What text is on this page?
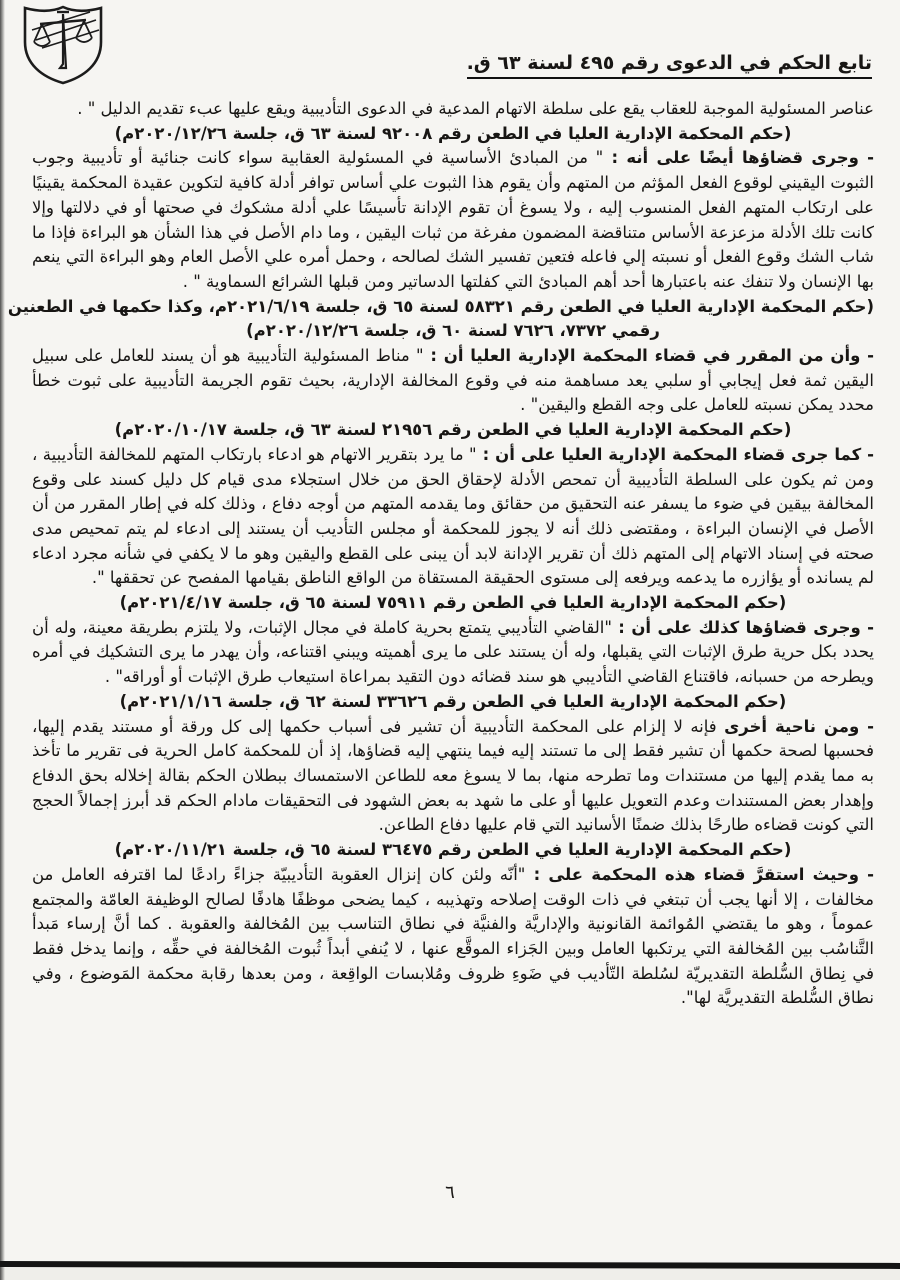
تابع الحكم في الدعوى رقم ٤٩٥ لسنة ٦٣ ق.

عناصر المسئولية الموجبة للعقاب يقع على سلطة الاتهام المدعية في الدعوى التأديبية ويقع عليها عبء تقديم الدليل " .

(حكم المحكمة الإدارية العليا في الطعن رقم ٩٢٠٠٨ لسنة ٦٣ ق، جلسة ٢٠٢٠/١٢/٢٦م)

- وجرى قضاؤها أيضًا على أنه : " من المبادئ الأساسية في المسئولية العقابية سواء كانت جنائية أو تأديبية وجوب الثبوت اليقيني لوقوع الفعل المؤثم من المتهم وأن يقوم هذا الثبوت علي أساس توافر أدلة كافية لتكوين عقيدة المحكمة يقينيًا على ارتكاب المتهم الفعل المنسوب إليه ، ولا يسوغ أن تقوم الإدانة تأسيسًا علي أدلة مشكوك في صحتها أو في دلالتها وإلا كانت تلك الأدلة مزعزعة الأساس متناقضة المضمون مفرغة من ثبات اليقين ، وما دام الأصل في هذا الشأن هو البراءة فإذا ما شاب الشك وقوع الفعل أو نسبته إلي فاعله فتعين تفسير الشك لصالحه ، وحمل أمره علي الأصل العام وهو البراءة التي ينعم بها الإنسان ولا تنفك عنه باعتبارها أحد أهم المبادئ التي كفلتها الدساتير ومن قبلها الشرائع السماوية " .

(حكم المحكمة الإدارية العليا في الطعن رقم ٥٨٣٢١ لسنة ٦٥ ق، جلسة ٢٠٢١/٦/١٩م، وكذا حكمها في الطعنين
رقمي ٧٣٧٢، ٧٦٢٦ لسنة ٦٠ ق، جلسة ٢٠٢٠/١٢/٢٦م)

- وأن من المقرر في قضاء المحكمة الإدارية العليا أن : " مناط المسئولية التأديبية هو أن يسند للعامل على سبيل اليقين ثمة فعل إيجابي أو سلبي يعد مساهمة منه في وقوع المخالفة الإدارية، بحيث تقوم الجريمة التأديبية على ثبوت خطأ محدد يمكن نسبته للعامل على وجه القطع واليقين" .

(حكم المحكمة الإدارية العليا في الطعن رقم ٢١٩٥٦ لسنة ٦٣ ق، جلسة ٢٠٢٠/١٠/١٧م)

- كما جرى قضاء المحكمة الإدارية العليا على أن : " ما يرد بتقرير الاتهام هو ادعاء بارتكاب المتهم للمخالفة التأديبية ، ومن ثم يكون على السلطة التأديبية أن تمحص الأدلة لإحقاق الحق من خلال استجلاء مدى قيام كل دليل كسند على وقوع المخالفة بيقين في ضوء ما يسفر عنه التحقيق من حقائق وما يقدمه المتهم من أوجه دفاع ، وذلك كله في إطار المقرر من أن الأصل في الإنسان البراءة ، ومقتضى ذلك أنه لا يجوز للمحكمة أو مجلس التأديب أن يستند إلى ادعاء لم يتم تمحيص مدى صحته في إسناد الاتهام إلى المتهم ذلك أن تقرير الإدانة لابد أن يبنى على القطع واليقين وهو ما لا يكفي في شأنه مجرد ادعاء لم يسانده أو يؤازره ما يدعمه ويرفعه إلى مستوى الحقيقة المستقاة من الواقع الناطق بقيامها المفصح عن تحققها ".

(حكم المحكمة الإدارية العليا في الطعن رقم ٧٥٩١١ لسنة ٦٥ ق، جلسة ٢٠٢١/٤/١٧م)

- وجرى قضاؤها كذلك على أن : "القاضي التأديبي يتمتع بحرية كاملة في مجال الإثبات، ولا يلتزم بطريقة معينة، وله أن يحدد بكل حرية طرق الإثبات التي يقبلها، وله أن يستند على ما يرى أهميته ويبني اقتناعه، وأن يهدر ما يرى التشكيك في أمره ويطرحه من حسبانه، فاقتناع القاضي التأديبي هو سند قضائه دون التقيد بمراعاة استيعاب طرق الإثبات أو أوراقه" .

(حكم المحكمة الإدارية العليا في الطعن رقم ٣٣٦٢٦ لسنة ٦٢ ق، جلسة ٢٠٢١/١/١٦م)

- ومن ناحية أخرى فإنه لا إلزام على المحكمة التأديبية أن تشير فى أسباب حكمها إلى كل ورقة أو مستند يقدم إليها، فحسبها لصحة حكمها أن تشير فقط إلى ما تستند إليه فيما ينتهي إليه قضاؤها، إذ أن للمحكمة كامل الحرية فى تقرير ما تأخذ به مما يقدم إليها من مستندات وما تطرحه منها، بما لا يسوغ معه للطاعن الاستمساك ببطلان الحكم بقالة إخلاله بحق الدفاع وإهدار بعض المستندات وعدم التعويل عليها أو على ما شهد به بعض الشهود فى التحقيقات مادام الحكم قد أبرز إجمالاً الحجج التي كونت قضاءه طارحًا بذلك ضمنًا الأسانيد التي قام عليها دفاع الطاعن.

(حكم المحكمة الإدارية العليا في الطعن رقم ٣٦٤٧٥ لسنة ٦٥ ق، جلسة ٢٠٢٠/١١/٢١م)

- وحيث استقرَّ قضاء هذه المحكمة على : "أنّه ولئن كان إنزال العقوبة التأديبيّة جزاءً رادعًا لما اقترفه العامل من مخالفات ، إلا أنها يجب أن تبتغي في ذات الوقت إصلاحه وتهذيبه ، كيما يضحى موظفًا هادفًا لصالح الوظيفة العامّة والمجتمع عموماً ، وهو ما يقتضي المُوائمة القانونية والإداريَّة والفنيَّة في نطاق التناسب بين المُخالفة والعقوبة . كما أنَّ إرساء مَبدأ التَّناسُب بين المُخالفة التي يرتكبها العامل وبين الجَزاء الموقَّع عنها ، لا يُنفي أبداً ثُبوت المُخالفة في حقِّه ، وإنما يدخل فقط في نِطاق السُّلطة التقديريّة لسُلطة التّأديب في ضَوءِ ظروف ومُلابسات الواقِعة ، ومن بعدها رقابة محكمة المَوضوع ، وفي نطاق السُّلطة التقديريَّة لها".

٦
